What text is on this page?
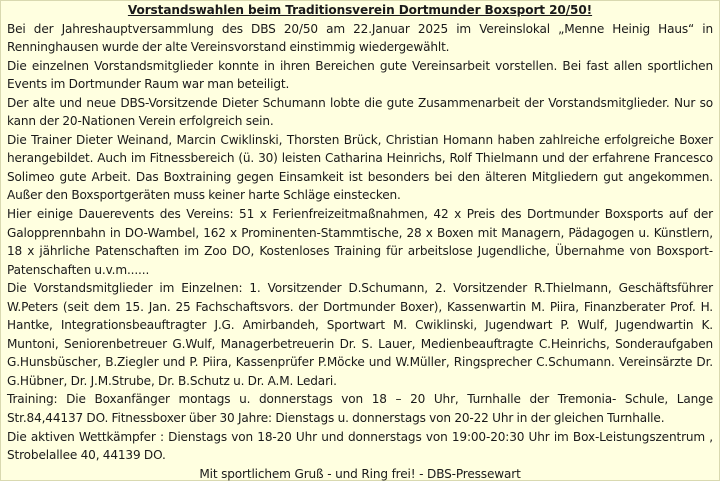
Vorstandswahlen beim Traditionsverein Dortmunder Boxsport 20/50!
Bei der Jahreshauptversammlung des DBS 20/50 am 22.Januar 2025 im Vereinslokal „Menne Heinig Haus“ in Renninghausen wurde der alte Vereinsvorstand einstimmig wiedergewählt.
Die einzelnen Vorstandsmitglieder konnte in ihren Bereichen gute Vereinsarbeit vorstellen. Bei fast allen sportlichen Events im Dortmunder Raum war man beteiligt.
Der alte und neue DBS-Vorsitzende Dieter Schumann lobte die gute Zusammenarbeit der Vorstandsmitglieder. Nur so kann der 20-Nationen Verein erfolgreich sein.
Die Trainer Dieter Weinand, Marcin Cwiklinski, Thorsten Brück, Christian Homann haben zahlreiche erfolgreiche Boxer herangebildet. Auch im Fitnessbereich (ü. 30) leisten Catharina Heinrichs, Rolf Thielmann und der erfahrene Francesco Solimeo gute Arbeit. Das Boxtraining gegen Einsamkeit ist besonders bei den älteren Mitgliedern gut angekommen. Außer den Boxsportgeräten muss keiner harte Schläge einstecken.
Hier einige Dauerevents des Vereins: 51 x Ferienfreizeitmaßnahmen, 42 x Preis des Dortmunder Boxsports auf der Galopprennbahn in DO-Wambel, 162 x Prominenten-Stammtische, 28 x Boxen mit Managern, Pädagogen u. Künstlern, 18 x jährliche Patenschaften im Zoo DO, Kostenloses Training für arbeitslose Jugendliche, Übernahme von Boxsport-Patenschaften u.v.m......
Die Vorstandsmitglieder im Einzelnen: 1. Vorsitzender D.Schumann, 2. Vorsitzender R.Thielmann, Geschäftsführer W.Peters (seit dem 15. Jan. 25 Fachschaftsvors. der Dortmunder Boxer), Kassenwartin M. Piira, Finanzberater Prof. H. Hantke, Integrationsbeauftragter J.G. Amirbandeh, Sportwart M. Cwiklinski, Jugendwart P. Wulf, Jugendwartin K. Muntoni, Seniorenbetreuer G.Wulf, Managerbetreuerin Dr. S. Lauer, Medienbeauftragte C.Heinrichs, Sonderaufgaben G.Hunsbüscher, B.Ziegler und P. Piira, Kassenprüfer P.Möcke und W.Müller, Ringsprecher C.Schumann. Vereinsärzte Dr. G.Hübner, Dr. J.M.Strube, Dr. B.Schutz u. Dr. A.M. Ledari.
Training: Die Boxanfänger montags u. donnerstags von 18 – 20 Uhr, Turnhalle der Tremonia- Schule, Lange Str.84,44137 DO. Fitnessboxer über 30 Jahre: Dienstags u. donnerstags von 20-22 Uhr in der gleichen Turnhalle.
Die aktiven Wettkämpfer : Dienstags von 18-20 Uhr und donnerstags von 19:00-20:30 Uhr im Box-Leistungszentrum , Strobelallee 40, 44139 DO.
Mit sportlichem Gruß - und Ring frei! - DBS-Pressewart
